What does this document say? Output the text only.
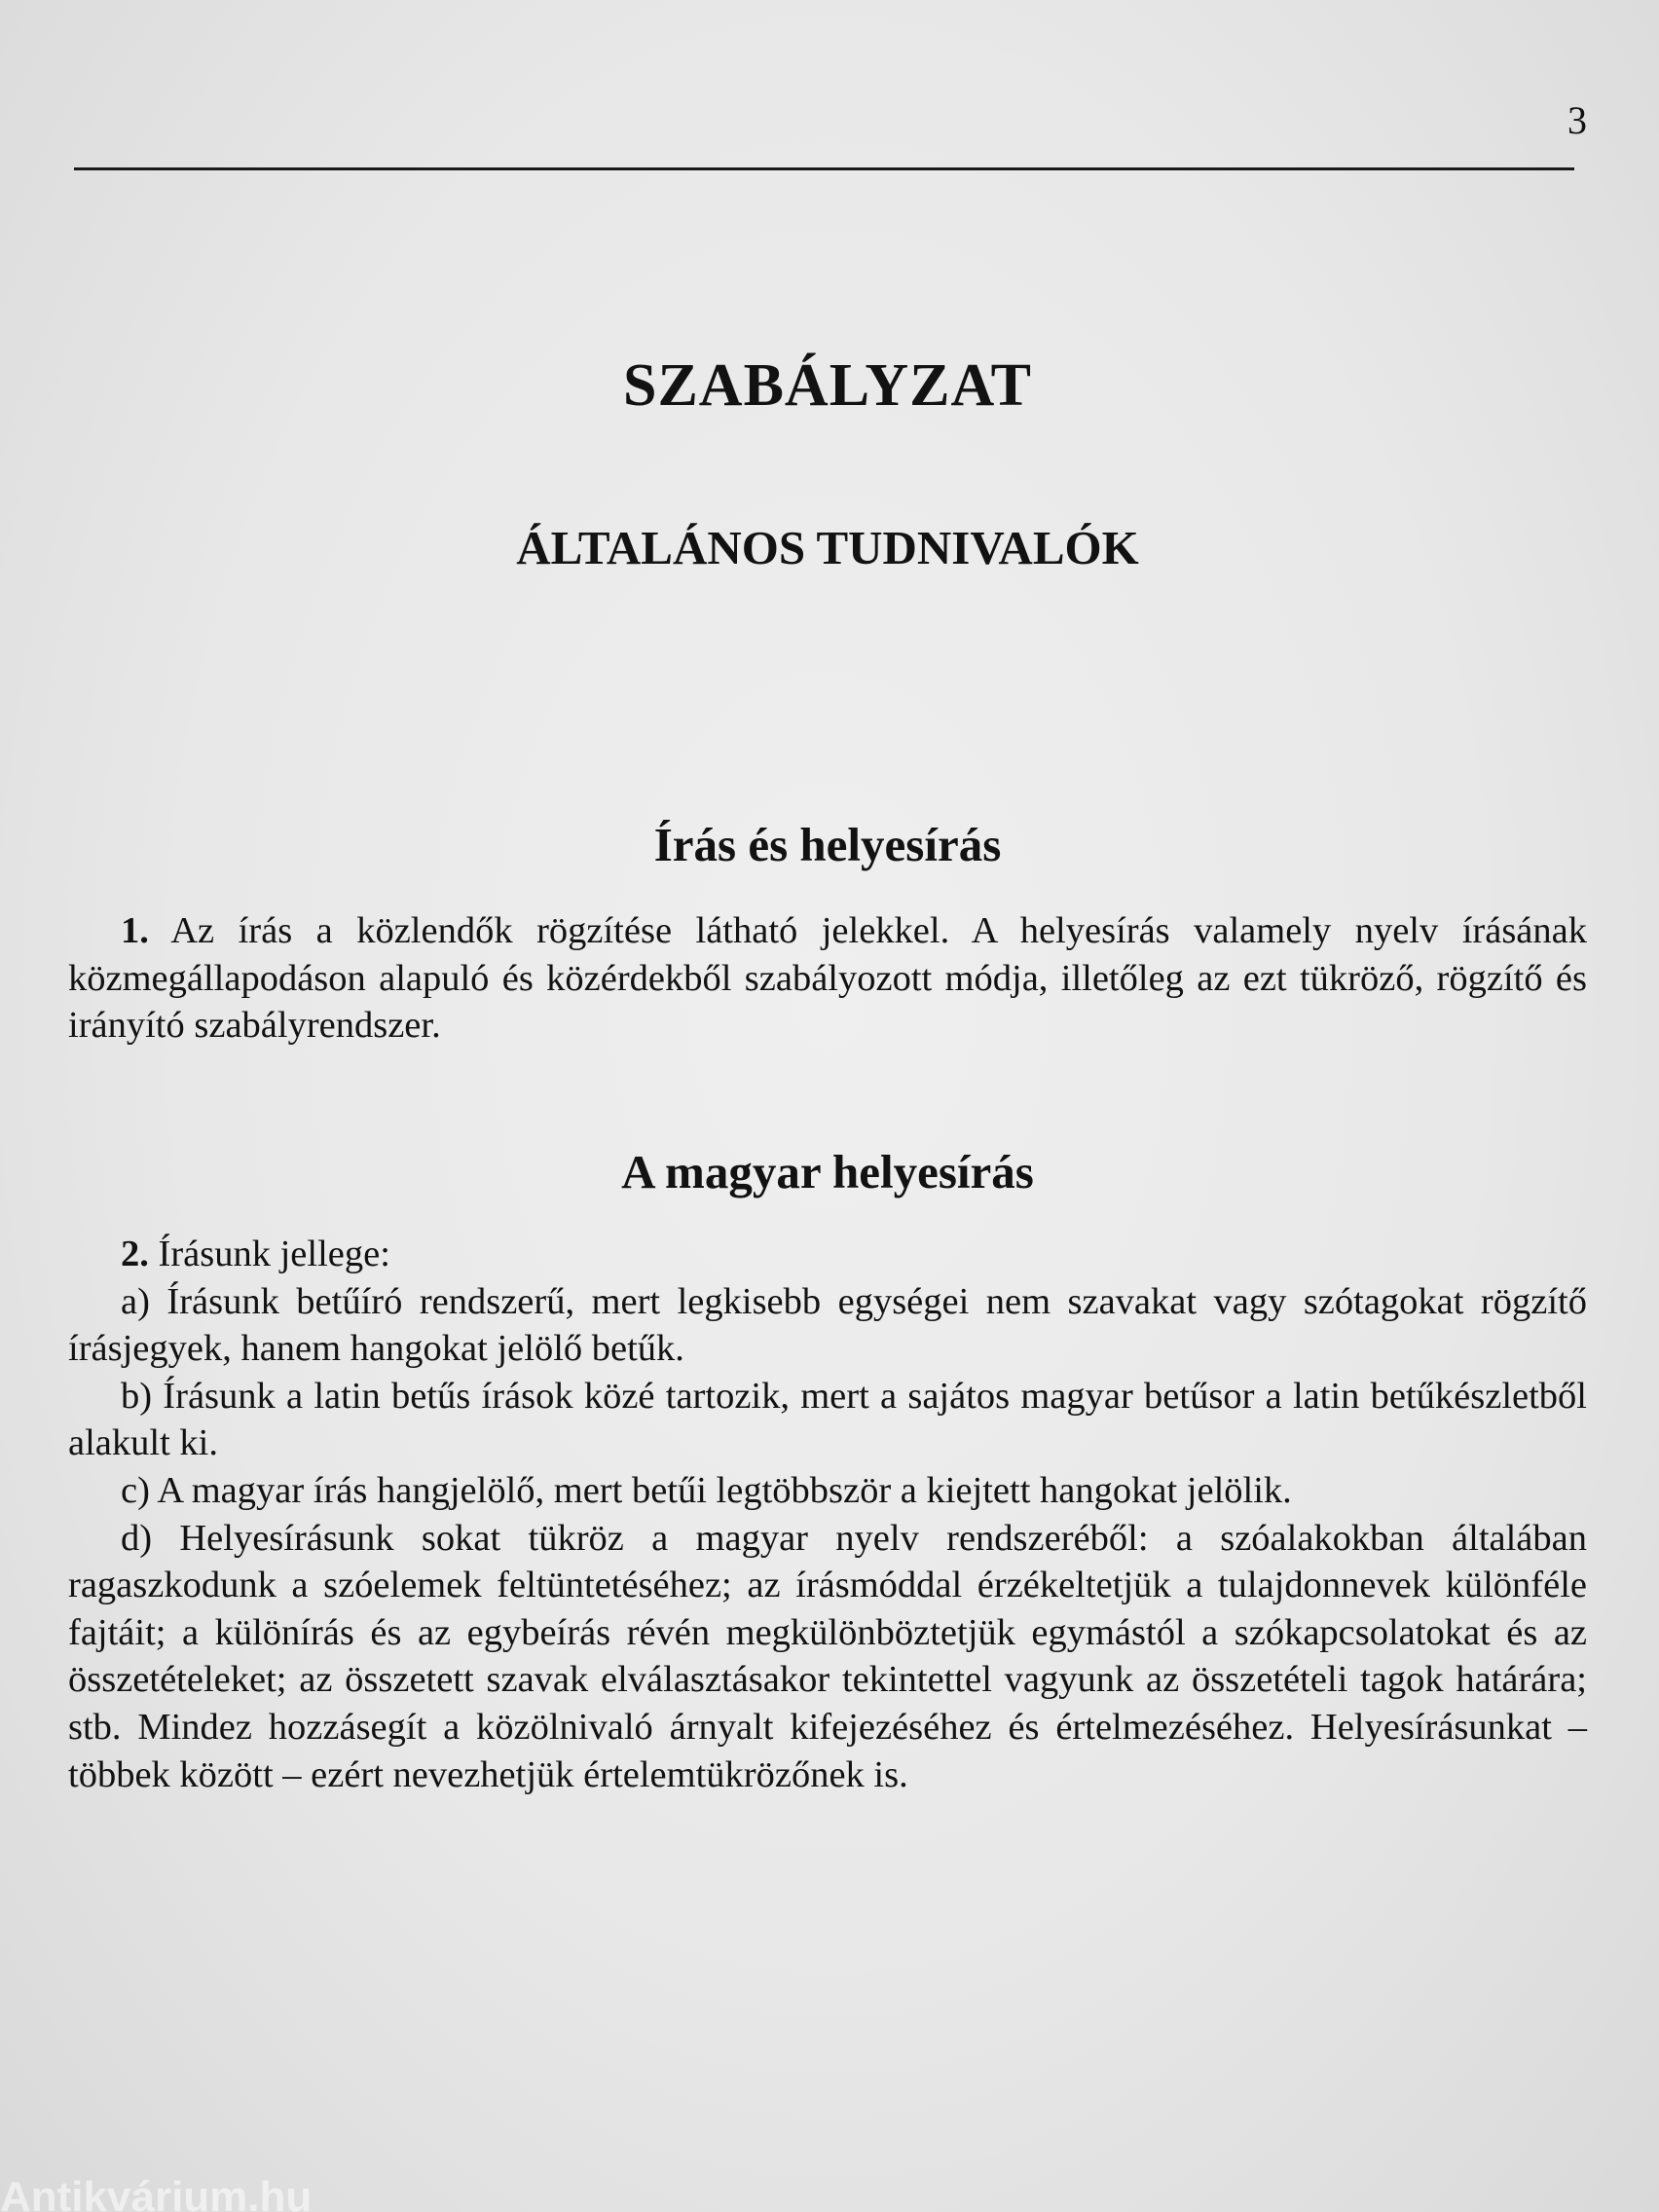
3
SZABÁLYZAT
ÁLTALÁNOS TUDNIVALÓK
Írás és helyesírás

1. Az írás a közlendők rögzítése látható jelekkel. A helyesírás valamely nyelv írásának közmegállapodáson alapuló és közérdekből szabályozott módja, illetőleg az ezt tükröző, rögzítő és irányító szabályrendszer.

A magyar helyesírás

2. Írásunk jellege:

a) Írásunk betűíró rendszerű, mert legkisebb egységei nem szavakat vagy szótagokat rögzítő írásjegyek, hanem hangokat jelölő betűk.

b) Írásunk a latin betűs írások közé tartozik, mert a sajátos magyar betűsor a latin betűkészletből alakult ki.

c) A magyar írás hangjelölő, mert betűi legtöbbször a kiejtett hangokat jelölik.

d) Helyesírásunk sokat tükröz a magyar nyelv rendszeréből: a szóalakokban általában ragaszkodunk a szóelemek feltüntetéséhez; az írásmóddal érzékeltetjük a tulajdonnevek különféle fajtáit; a különírás és az egybeírás révén megkülönböztetjük egymástól a szókapcsolatokat és az összetételeket; az összetett szavak elválasztásakor tekintettel vagyunk az összetételi tagok határára; stb. Mindez hozzásegít a közölnivaló árnyalt kifejezéséhez és értelmezéséhez. Helyesírásunkat – többek között – ezért nevezhetjük értelemtükrözőnek is.

Antikvárium.hu
